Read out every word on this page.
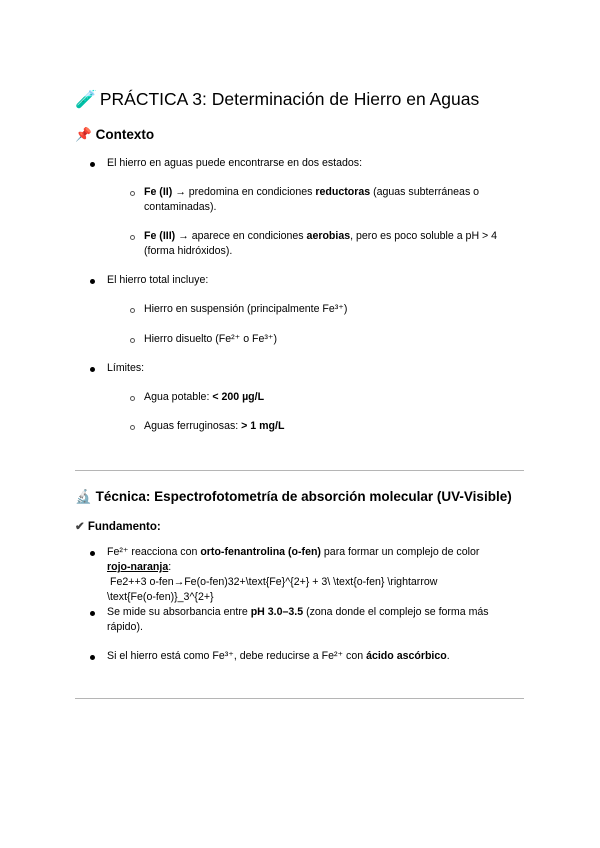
🧪 PRÁCTICA 3: Determinación de Hierro en Aguas
📌 Contexto
El hierro en aguas puede encontrarse en dos estados:
Fe (II) → predomina en condiciones reductoras (aguas subterráneas o
contaminadas).
Fe (III) → aparece en condiciones aerobias, pero es poco soluble a pH > 4
(forma hidróxidos).
El hierro total incluye:
Hierro en suspensión (principalmente Fe³⁺)
Hierro disuelto (Fe²⁺ o Fe³⁺)
Límites:
Agua potable: < 200 µg/L
Aguas ferruginosas: > 1 mg/L
🔬 Técnica: Espectrofotometría de absorción molecular (UV-Visible)
✔ Fundamento:
Fe²⁺ reacciona con orto-fenantrolina (o-fen) para formar un complejo de color
rojo-naranja:
Fe2++3 o-fen→Fe(o-fen)32+\text{Fe}^{2+} + 3\ \text{o-fen} \rightarrow
\text{Fe(o-fen)}_3^{2+}
Se mide su absorbancia entre pH 3.0–3.5 (zona donde el complejo se forma más
rápido).
Si el hierro está como Fe³⁺, debe reducirse a Fe²⁺ con ácido ascórbico.
